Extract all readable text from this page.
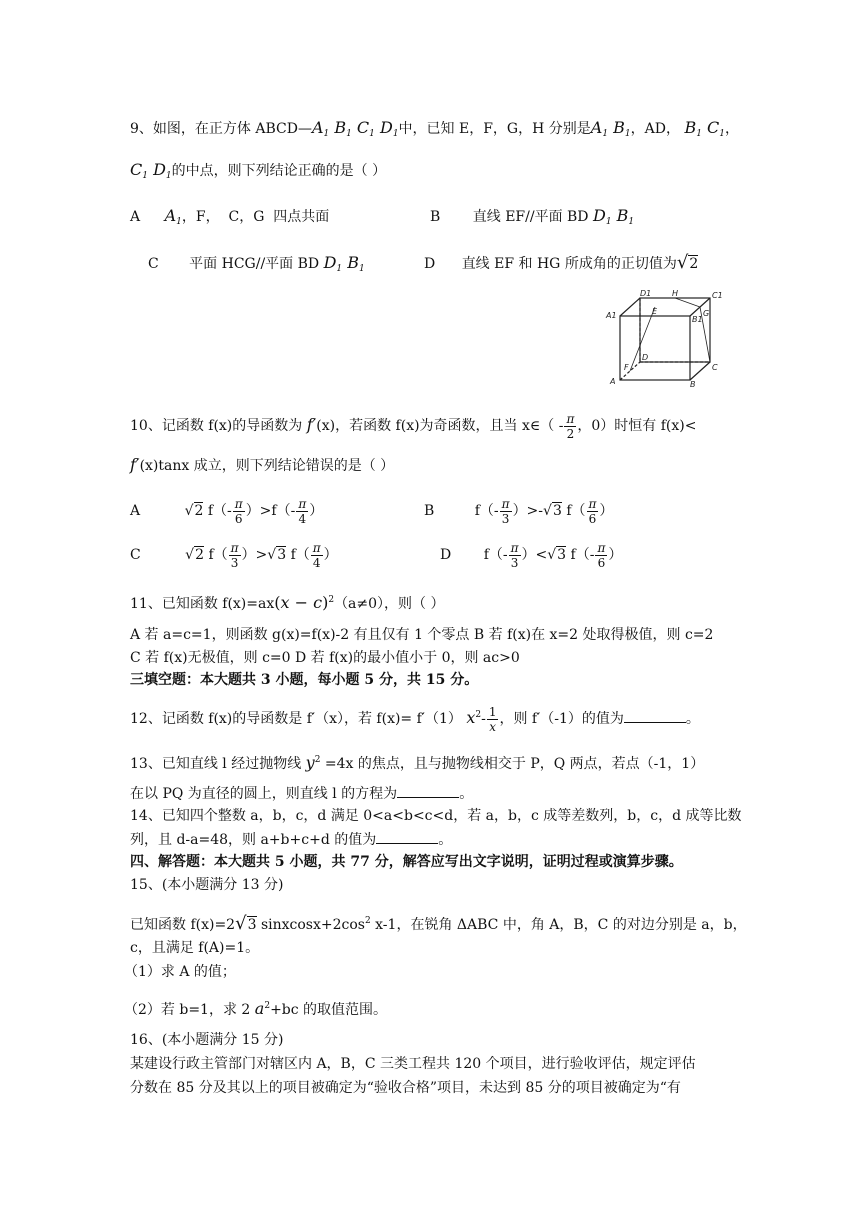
9、如图，在正方体 $ABCD—A_1$ $B_1$ $C_1$ $D_1$中，已知 E，F，G，H 分别是$A_1$ $B_1$，AD， $B_1$ $C_1$，
$C_1$ $D_1$的中点，则下列结论正确的是（ ）
A $A_1$，F，  C，G  四点共面	B 直线 EF//平面 BD $D_1$ $B_1$
C 平面 HCG//平面 BD $D_1$ $B_1$	D 直线 EF 和 HG 所成角的正切值为√2
D1	H	C1
A1	E
B1
G
D
C
F
A	B
10、记函数 f(x)的导函数为 f′(x)，若函数 f(x)为奇函数，且当 x∈（ - $\frac{\pi}{2}$ ，0）时恒有 f(x)<
f′(x)tanx 成立，则下列结论错误的是（ ）
A	√2 $f(- \frac{\pi}{6} )>f(- \frac{\pi}{4}$ ）	B	$f(- \frac{\pi}{3} )>-√3$ $f( \frac{\pi}{6}$ ）
C	√2 $f( \frac{\pi}{3} )>√3$ $f( \frac{\pi}{4}$ ）	D $f(- \frac{\pi}{3} )<√3$ $f(- \frac{\pi}{6}$ ）
11、已知函数 $f(x)=ax(x - c)^2(a\ne 0)$，则（ ）
A 若 a=c=1，则函数 g(x)=f(x)-2 有且仅有 1 个零点 B 若 f(x)在 x=2 处取得极值，则 c=2
C 若 f(x)无极值，则 c=0 D 若 f(x)的最小值小于 0，则 ac>0
三填空题：本大题共 3 小题，每小题 5 分，共 15 分。
12、记函数 f(x)的导函数是 f′（x），若 f(x)= f′（1） $x^2- \frac{1}{x}$ ，则 f′（-1）的值为	。
13、已知直线 l 经过抛物线 $y^2 =4x$ 的焦点，且与抛物线相交于 P，Q 两点，若点（-1，1）
在以 PQ 为直径的圆上，则直线 l 的方程为	。
14、已知四个整数 a，b，c，d 满足 0<a<b<c<d，若 a，b，c 成等差数列，b，c，d 成等比数
列，且 d-a=48，则 a+b+c+d 的值为	。
四、解答题：本大题共 5 小题，共 77 分，解答应写出文字说明，证明过程或演算步骤。
15、(本小题满分 13 分)
已知函数 f(x)=2√3 $sinxcosx+2\cos^2$ x-1，在锐角 ΔABC 中，角 A，B，C 的对边分别是 a，b，
c，且满足 f(A)=1。
（1）求 A 的值；
（2）若 b=1，求 2 $a^2+bc$ 的取值范围。
16、(本小题满分 15 分)
某建设行政主管部门对辖区内 A，B，C 三类工程共 120 个项目，进行验收评估，规定评估
分数在 85 分及其以上的项目被确定为“验收合格”项目，未达到 85 分的项目被确定为“有
